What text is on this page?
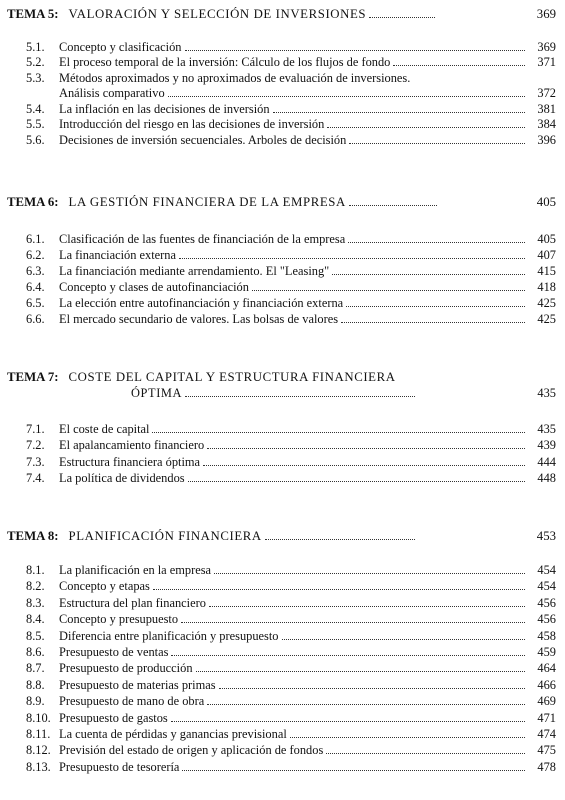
TEMA 5: VALORACIÓN Y SELECCIÓN DE INVERSIONES	369
5.1.	Concepto y clasificación	369
5.2.	El proceso temporal de la inversión: Cálculo de los flujos de fondo	371
5.3.	Métodos aproximados y no aproximados de evaluación de inversiones.
Análisis comparativo	372
5.4.	La inflación en las decisiones de inversión	381
5.5.	Introducción del riesgo en las decisiones de inversión	384
5.6.	Decisiones de inversión secuenciales. Arboles de decisión	396
TEMA 6: LA GESTIÓN FINANCIERA DE LA EMPRESA	405
6.1.	Clasificación de las fuentes de financiación de la empresa	405
6.2.	La financiación externa	407
6.3.	La financiación mediante arrendamiento. El "Leasing"	415
6.4.	Concepto y clases de autofinanciación	418
6.5.	La elección entre autofinanciación y financiación externa	425
6.6.	El mercado secundario de valores. Las bolsas de valores	425
TEMA 7: COSTE DEL CAPITAL Y ESTRUCTURA FINANCIERA
ÓPTIMA	435
7.1.	El coste de capital	435
7.2.	El apalancamiento financiero	439
7.3.	Estructura financiera óptima	444
7.4.	La política de dividendos	448
TEMA 8: PLANIFICACIÓN FINANCIERA	453
8.1.	La planificación en la empresa	454
8.2.	Concepto y etapas	454
8.3.	Estructura del plan financiero	456
8.4.	Concepto y presupuesto	456
8.5.	Diferencia entre planificación y presupuesto	458
8.6.	Presupuesto de ventas	459
8.7.	Presupuesto de producción	464
8.8.	Presupuesto de materias primas	466
8.9.	Presupuesto de mano de obra	469
8.10. Presupuesto de gastos	471
8.11. La cuenta de pérdidas y ganancias previsional	474
8.12. Previsión del estado de origen y aplicación de fondos	475
8.13. Presupuesto de tesorería	478
